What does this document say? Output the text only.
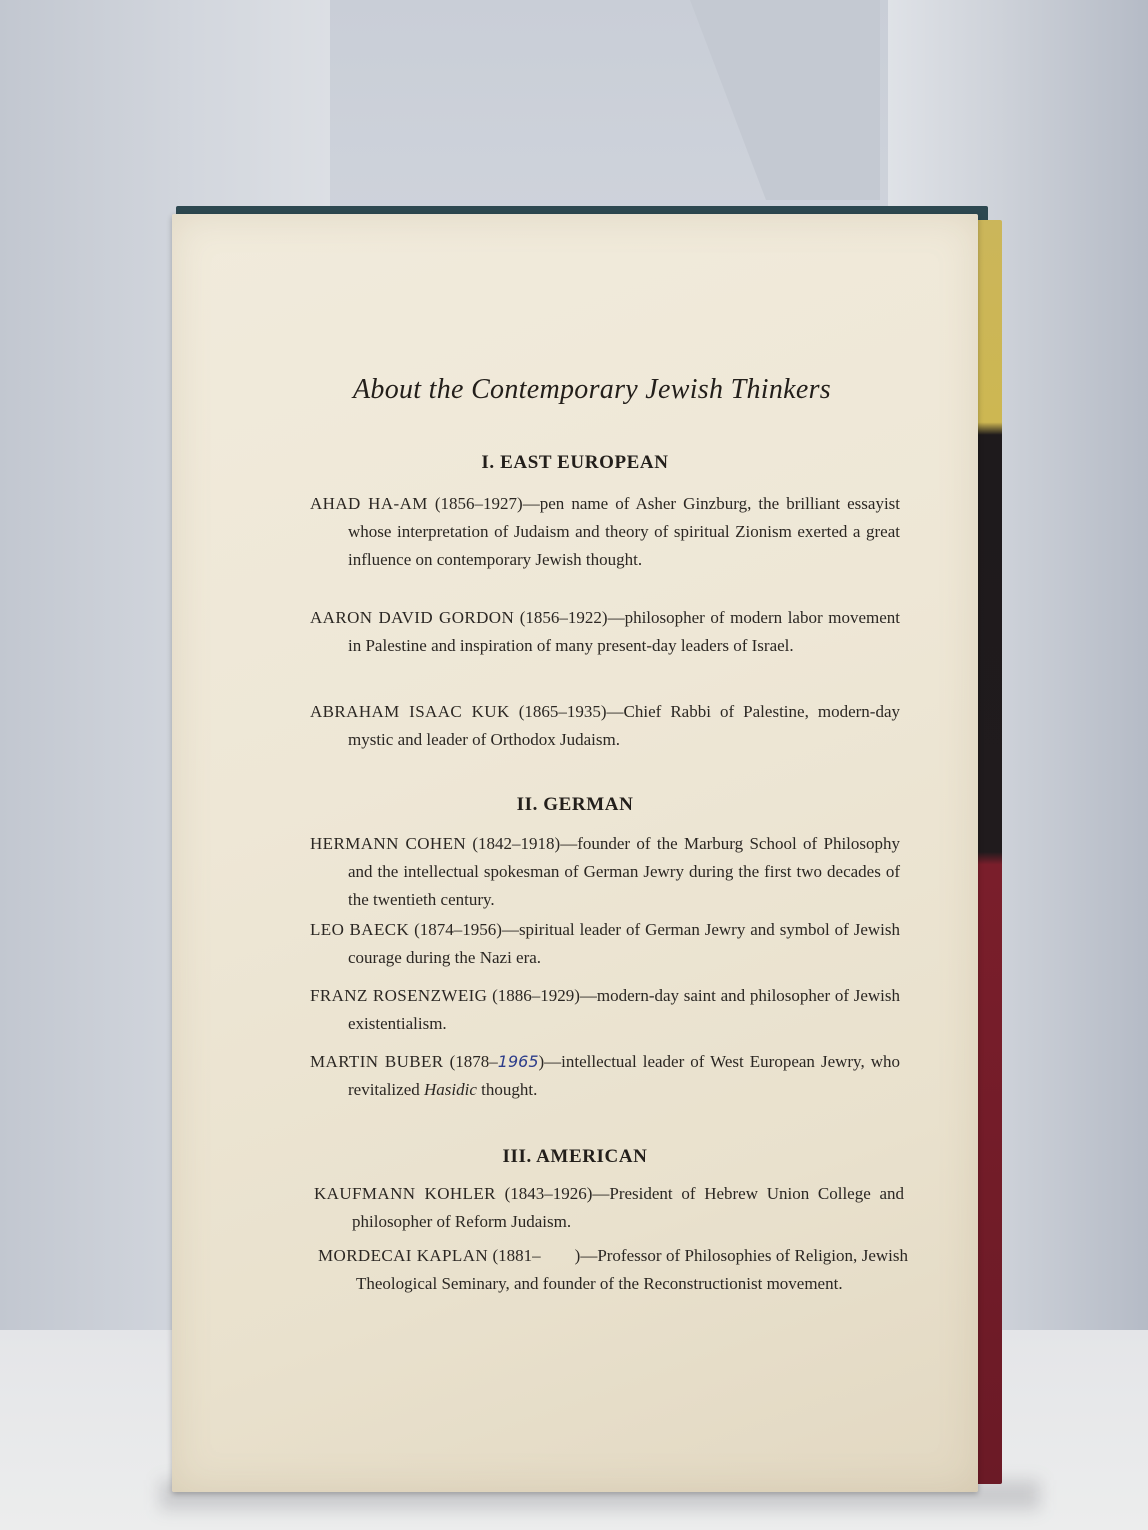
About the Contemporary Jewish Thinkers
I. EAST EUROPEAN
AHAD HA-AM (1856–1927)—pen name of Asher Ginzburg, the brilliant essayist whose interpretation of Judaism and theory of spiritual Zionism exerted a great influence on contemporary Jewish thought.
AARON DAVID GORDON (1856–1922)—philosopher of modern labor movement in Palestine and inspiration of many present-day leaders of Israel.
ABRAHAM ISAAC KUK (1865–1935)—Chief Rabbi of Palestine, modern-day mystic and leader of Orthodox Judaism.
II. GERMAN
HERMANN COHEN (1842–1918)—founder of the Marburg School of Philosophy and the intellectual spokesman of German Jewry during the first two decades of the twentieth century.
LEO BAECK (1874–1956)—spiritual leader of German Jewry and symbol of Jewish courage during the Nazi era.
FRANZ ROSENZWEIG (1886–1929)—modern-day saint and philosopher of Jewish existentialism.
MARTIN BUBER (1878–1965)—intellectual leader of West European Jewry, who revitalized Hasidic thought.
III. AMERICAN
KAUFMANN KOHLER (1843–1926)—President of Hebrew Union College and philosopher of Reform Judaism.
MORDECAI KAPLAN (1881–  )—Professor of Philosophies of Religion, Jewish Theological Seminary, and founder of the Reconstructionist movement.
